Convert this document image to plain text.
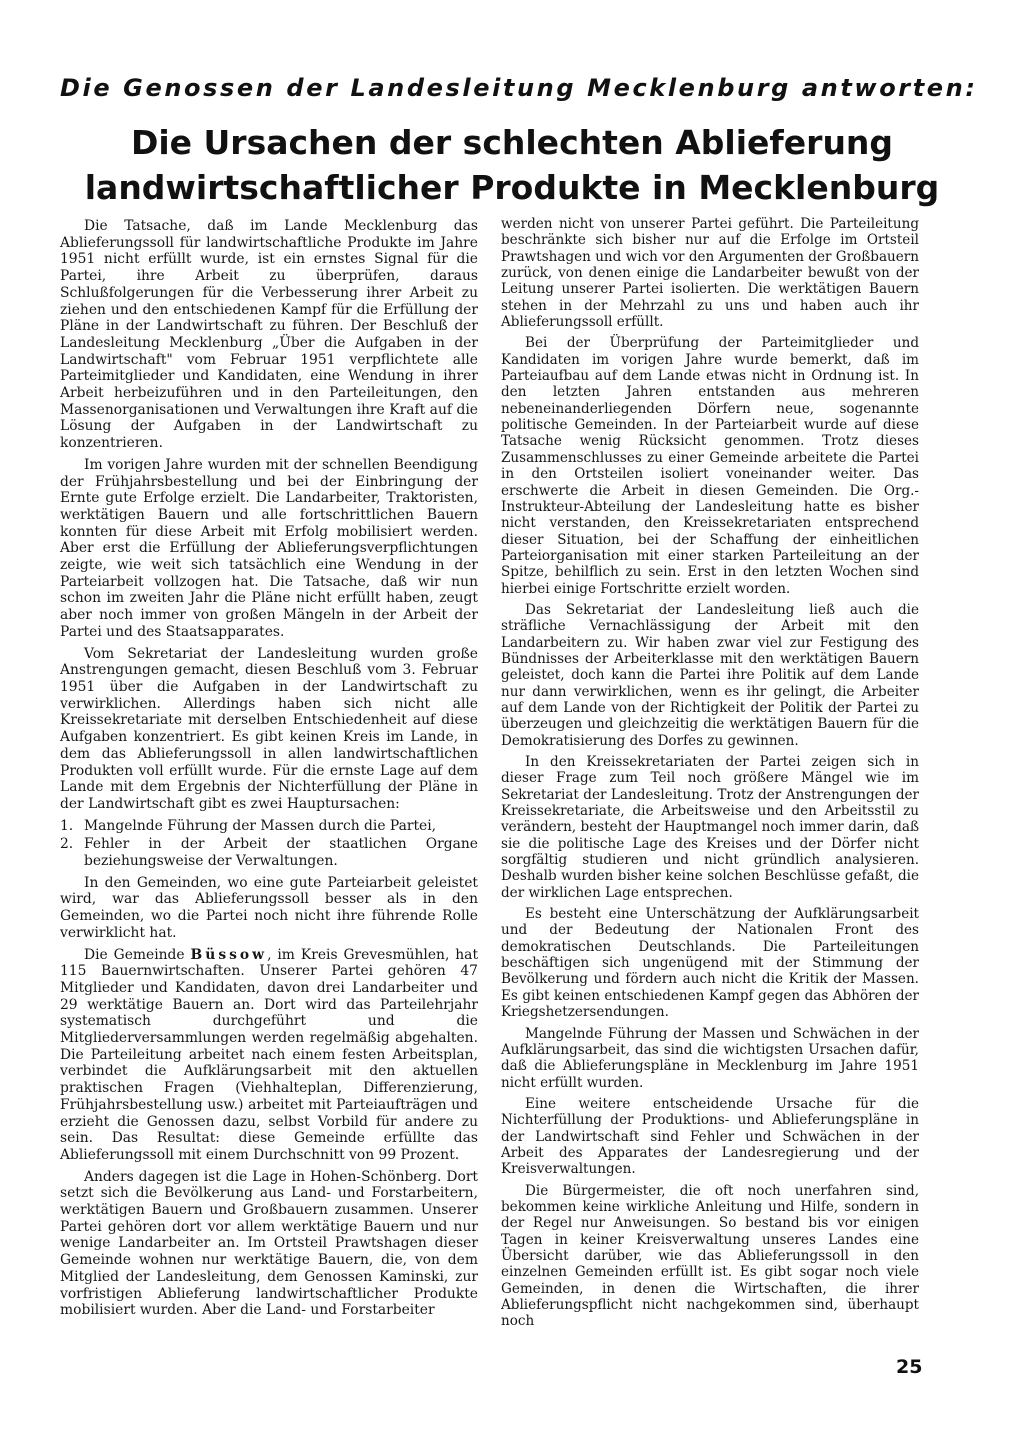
Die Genossen der Landesleitung Mecklenburg antworten:
Die Ursachen der schlechten Ablieferung
landwirtschaftlicher Produkte in Mecklenburg

Die Tatsache, daß im Lande Mecklenburg das Ablieferungssoll für landwirtschaftliche Produkte im Jahre 1951 nicht erfüllt wurde, ist ein ernstes Signal für die Partei, ihre Arbeit zu überprüfen, daraus Schlußfolgerungen für die Verbesserung ihrer Arbeit zu ziehen und den entschiedenen Kampf für die Erfüllung der Pläne in der Landwirtschaft zu führen. Der Beschluß der Landesleitung Mecklenburg „Über die Aufgaben in der Landwirtschaft" vom Februar 1951 verpflichtete alle Parteimitglieder und Kandidaten, eine Wendung in ihrer Arbeit herbeizuführen und in den Parteileitungen, den Massenorganisationen und Verwaltungen ihre Kraft auf die Lösung der Aufgaben in der Landwirtschaft zu konzentrieren.

Im vorigen Jahre wurden mit der schnellen Beendigung der Frühjahrsbestellung und bei der Einbringung der Ernte gute Erfolge erzielt. Die Landarbeiter, Traktoristen, werktätigen Bauern und alle fortschrittlichen Bauern konnten für diese Arbeit mit Erfolg mobilisiert werden. Aber erst die Erfüllung der Ablieferungsverpflichtungen zeigte, wie weit sich tatsächlich eine Wendung in der Parteiarbeit vollzogen hat. Die Tatsache, daß wir nun schon im zweiten Jahr die Pläne nicht erfüllt haben, zeugt aber noch immer von großen Mängeln in der Arbeit der Partei und des Staatsapparates.

Vom Sekretariat der Landesleitung wurden große Anstrengungen gemacht, diesen Beschluß vom 3. Februar 1951 über die Aufgaben in der Landwirtschaft zu verwirklichen. Allerdings haben sich nicht alle Kreissekretariate mit derselben Entschiedenheit auf diese Aufgaben konzentriert. Es gibt keinen Kreis im Lande, in dem das Ablieferungssoll in allen landwirtschaftlichen Produkten voll erfüllt wurde. Für die ernste Lage auf dem Lande mit dem Ergebnis der Nichterfüllung der Pläne in der Landwirtschaft gibt es zwei Hauptursachen:

1. Mangelnde Führung der Massen durch die Partei,
2. Fehler in der Arbeit der staatlichen Organe beziehungsweise der Verwaltungen.

In den Gemeinden, wo eine gute Parteiarbeit geleistet wird, war das Ablieferungssoll besser als in den Gemeinden, wo die Partei noch nicht ihre führende Rolle verwirklicht hat.

Die Gemeinde Büssow, im Kreis Grevesmühlen, hat 115 Bauernwirtschaften. Unserer Partei gehören 47 Mitglieder und Kandidaten, davon drei Landarbeiter und 29 werktätige Bauern an. Dort wird das Parteilehrjahr systematisch durchgeführt und die Mitgliederversammlungen werden regelmäßig abgehalten. Die Parteileitung arbeitet nach einem festen Arbeitsplan, verbindet die Aufklärungsarbeit mit den aktuellen praktischen Fragen (Viehhalteplan, Differenzierung, Frühjahrsbestellung usw.) arbeitet mit Parteiaufträgen und erzieht die Genossen dazu, selbst Vorbild für andere zu sein. Das Resultat: diese Gemeinde erfüllte das Ablieferungssoll mit einem Durchschnitt von 99 Prozent.

Anders dagegen ist die Lage in Hohen-Schönberg. Dort setzt sich die Bevölkerung aus Land- und Forstarbeitern, werktätigen Bauern und Großbauern zusammen. Unserer Partei gehören dort vor allem werktätige Bauern und nur wenige Landarbeiter an. Im Ortsteil Prawtshagen dieser Gemeinde wohnen nur werktätige Bauern, die, von dem Mitglied der Landesleitung, dem Genossen Kaminski, zur vorfristigen Ablieferung landwirtschaftlicher Produkte mobilisiert wurden. Aber die Land- und Forstarbeiter

werden nicht von unserer Partei geführt. Die Parteileitung beschränkte sich bisher nur auf die Erfolge im Ortsteil Prawtshagen und wich vor den Argumenten der Großbauern zurück, von denen einige die Landarbeiter bewußt von der Leitung unserer Partei isolierten. Die werktätigen Bauern stehen in der Mehrzahl zu uns und haben auch ihr Ablieferungssoll erfüllt.

Bei der Überprüfung der Parteimitglieder und Kandidaten im vorigen Jahre wurde bemerkt, daß im Parteiaufbau auf dem Lande etwas nicht in Ordnung ist. In den letzten Jahren entstanden aus mehreren nebeneinanderliegenden Dörfern neue, sogenannte politische Gemeinden. In der Parteiarbeit wurde auf diese Tatsache wenig Rücksicht genommen. Trotz dieses Zusammenschlusses zu einer Gemeinde arbeitete die Partei in den Ortsteilen isoliert voneinander weiter. Das erschwerte die Arbeit in diesen Gemeinden. Die Org.-Instrukteur-Abteilung der Landesleitung hatte es bisher nicht verstanden, den Kreissekretariaten entsprechend dieser Situation, bei der Schaffung der einheitlichen Parteiorganisation mit einer starken Parteileitung an der Spitze, behilflich zu sein. Erst in den letzten Wochen sind hierbei einige Fortschritte erzielt worden.

Das Sekretariat der Landesleitung ließ auch die sträfliche Vernachlässigung der Arbeit mit den Landarbeitern zu. Wir haben zwar viel zur Festigung des Bündnisses der Arbeiterklasse mit den werktätigen Bauern geleistet, doch kann die Partei ihre Politik auf dem Lande nur dann verwirklichen, wenn es ihr gelingt, die Arbeiter auf dem Lande von der Richtigkeit der Politik der Partei zu überzeugen und gleichzeitig die werktätigen Bauern für die Demokratisierung des Dorfes zu gewinnen.

In den Kreissekretariaten der Partei zeigen sich in dieser Frage zum Teil noch größere Mängel wie im Sekretariat der Landesleitung. Trotz der Anstrengungen der Kreissekretariate, die Arbeitsweise und den Arbeitsstil zu verändern, besteht der Hauptmangel noch immer darin, daß sie die politische Lage des Kreises und der Dörfer nicht sorgfältig studieren und nicht gründlich analysieren. Deshalb wurden bisher keine solchen Beschlüsse gefaßt, die der wirklichen Lage entsprechen.

Es besteht eine Unterschätzung der Aufklärungsarbeit und der Bedeutung der Nationalen Front des demokratischen Deutschlands. Die Parteileitungen beschäftigen sich ungenügend mit der Stimmung der Bevölkerung und fördern auch nicht die Kritik der Massen. Es gibt keinen entschiedenen Kampf gegen das Abhören der Kriegshetzersendungen.

Mangelnde Führung der Massen und Schwächen in der Aufklärungsarbeit, das sind die wichtigsten Ursachen dafür, daß die Ablieferungspläne in Mecklenburg im Jahre 1951 nicht erfüllt wurden.

Eine weitere entscheidende Ursache für die Nichterfüllung der Produktions- und Ablieferungspläne in der Landwirtschaft sind Fehler und Schwächen in der Arbeit des Apparates der Landesregierung und der Kreisverwaltungen.

Die Bürgermeister, die oft noch unerfahren sind, bekommen keine wirkliche Anleitung und Hilfe, sondern in der Regel nur Anweisungen. So bestand bis vor einigen Tagen in keiner Kreisverwaltung unseres Landes eine Übersicht darüber, wie das Ablieferungssoll in den einzelnen Gemeinden erfüllt ist. Es gibt sogar noch viele Gemeinden, in denen die Wirtschaften, die ihrer Ablieferungspflicht nicht nachgekommen sind, überhaupt noch

25
